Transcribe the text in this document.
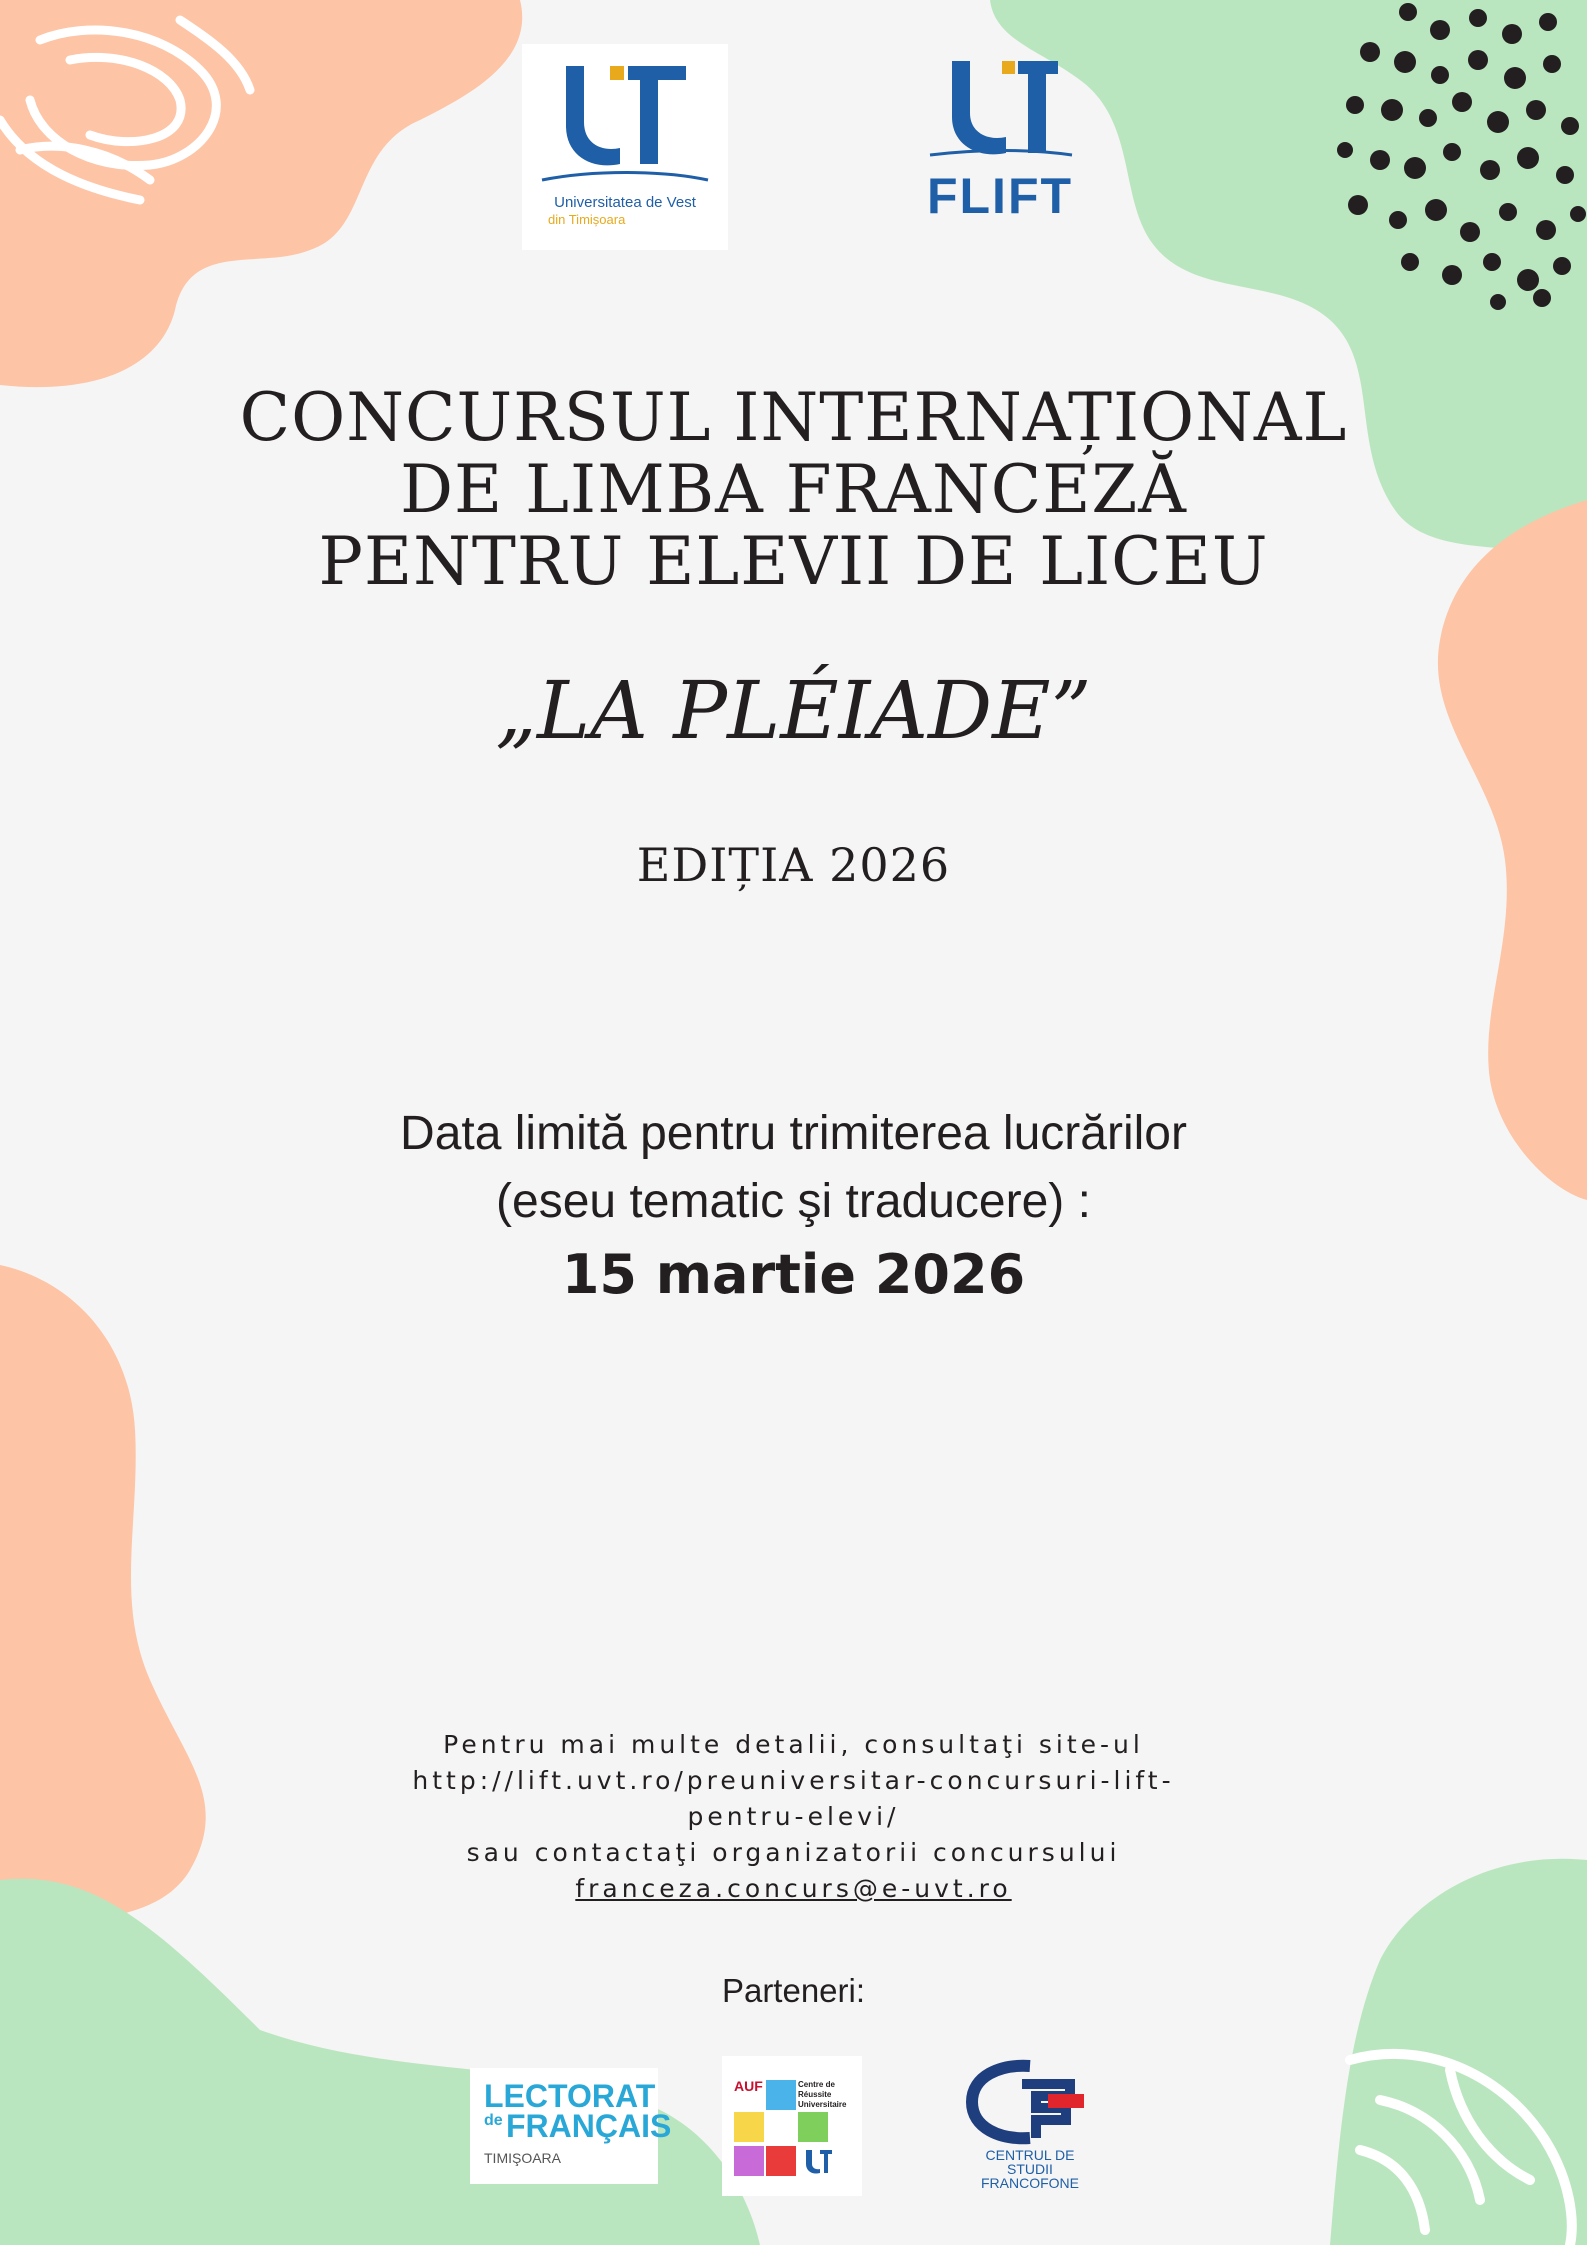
Universitatea de Vest
din Timișoara	FLIFT
CONCURSUL INTERNAȚIONAL
DE LIMBA FRANCEZĂ
PENTRU ELEVII DE LICEU
„LA PLÉIADE”
EDIȚIA 2026
Data limită pentru trimiterea lucrărilor
(eseu tematic şi traducere) :
15 martie 2026
Pentru mai multe detalii, consultaţi site-ul
http://lift.uvt.ro/preuniversitar-concursuri-lift-
pentru-elevi/
sau contactaţi organizatorii concursului
franceza.concurs@e-uvt.ro
Parteneri:
LECTORAT
de FRANÇAIS
TIMIŞOARA
AUF	Centre de
Réussite
Universitaire
CENTRUL DE
STUDII
FRANCOFONE
